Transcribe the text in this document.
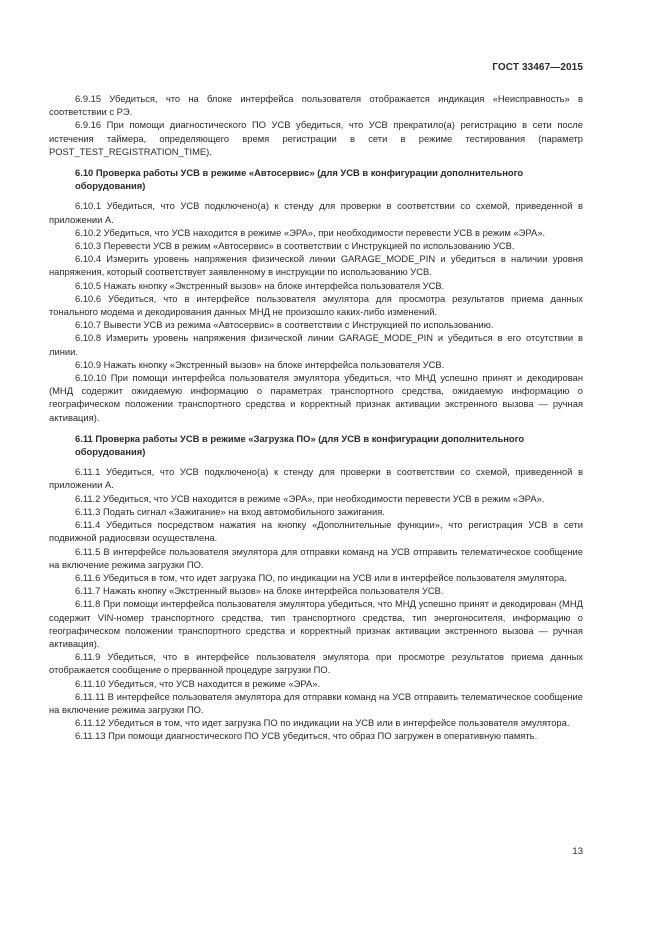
ГОСТ 33467—2015

6.9.15 Убедиться, что на блоке интерфейса пользователя отображается индикация «Неисправность» в соответствии с РЭ.

6.9.16 При помощи диагностического ПО УСВ убедиться, что УСВ прекратило(а) регистрацию в сети после истечения таймера, определяющего время регистрации в сети в режиме тестирования (параметр POST_TEST_REGISTRATION_TIME).

6.10 Проверка работы УСВ в режиме «Автосервис» (для УСВ в конфигурации дополнительного оборудования)

6.10.1 Убедиться, что УСВ подключено(а) к стенду для проверки в соответствии со схемой, приведенной в приложении А.

6.10.2 Убедиться, что УСВ находится в режиме «ЭРА», при необходимости перевести УСВ в режим «ЭРА».

6.10.3 Перевести УСВ в режим «Автосервис» в соответствии с Инструкцией по использованию УСВ.

6.10.4 Измерить уровень напряжения физической линии GARAGE_MODE_PIN и убедиться в наличии уровня напряжения, который соответствует заявленному в инструкции по использованию УСВ.

6.10.5 Нажать кнопку «Экстренный вызов» на блоке интерфейса пользователя УСВ.

6.10.6 Убедиться, что в интерфейсе пользователя эмулятора для просмотра результатов приема данных тонального модема и декодирования данных МНД не произошло каких-либо изменений.

6.10.7 Вывести УСВ из режима «Автосервис» в соответствии с Инструкцией по использованию.

6.10.8 Измерить уровень напряжения физической линии GARAGE_MODE_PIN и убедиться в его отсутствии в линии.

6.10.9 Нажать кнопку «Экстренный вызов» на блоке интерфейса пользователя УСВ.

6.10.10 При помощи интерфейса пользователя эмулятора убедиться, что МНД успешно принят и декодирован (МНД содержит ожидаемую информацию о параметрах транспортного средства, ожидаемую информацию о географическом положении транспортного средства и корректный признак активации экстренного вызова — ручная активация).

6.11 Проверка работы УСВ в режиме «Загрузка ПО» (для УСВ в конфигурации дополнительного оборудования)

6.11.1 Убедиться, что УСВ подключено(а) к стенду для проверки в соответствии со схемой, приведенной в приложении А.

6.11.2 Убедиться, что УСВ находится в режиме «ЭРА», при необходимости перевести УСВ в режим «ЭРА».

6.11.3 Подать сигнал «Зажигание» на вход автомобильного зажигания.

6.11.4 Убедиться посредством нажатия на кнопку «Дополнительные функции», что регистрация УСВ в сети подвижной радиосвязи осуществлена.

6.11.5 В интерфейсе пользователя эмулятора для отправки команд на УСВ отправить телематическое сообщение на включение режима загрузки ПО.

6.11.6 Убедиться в том, что идет загрузка ПО, по индикации на УСВ или в интерфейсе пользователя эмулятора.

6.11.7 Нажать кнопку «Экстренный вызов» на блоке интерфейса пользователя УСВ.

6.11.8 При помощи интерфейса пользователя эмулятора убедиться, что МНД успешно принят и декодирован (МНД содержит VIN-номер транспортного средства, тип транспортного средства, тип энергоносителя, информацию о географическом положении транспортного средства и корректный признак активации экстренного вызова — ручная активация).

6.11.9 Убедиться, что в интерфейсе пользователя эмулятора при просмотре результатов приема данных отображается сообщение о прерванной процедуре загрузки ПО.

6.11.10 Убедиться, что УСВ находится в режиме «ЭРА».

6.11.11 В интерфейсе пользователя эмулятора для отправки команд на УСВ отправить телематическое сообщение на включение режима загрузки ПО.

6.11.12 Убедиться в том, что идет загрузка ПО по индикации на УСВ или в интерфейсе пользователя эмулятора.

6.11.13 При помощи диагностического ПО УСВ убедиться, что образ ПО загружен в оперативную память.

13
